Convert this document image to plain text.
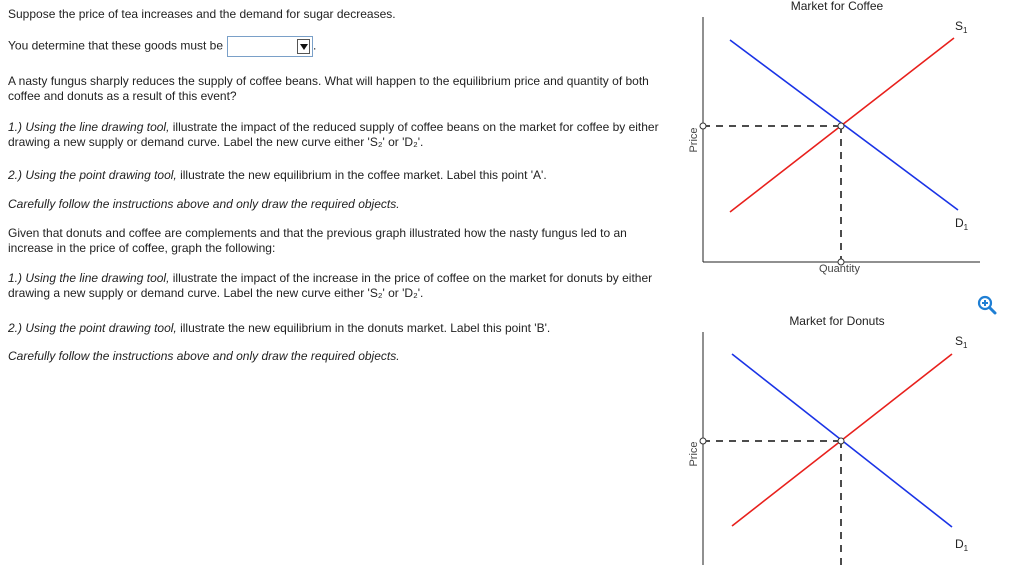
Suppose the price of tea increases and the demand for sugar decreases.
You determine that these goods must be	.
A nasty fungus sharply reduces the supply of coffee beans. What will happen to the equilibrium price and quantity of both coffee and donuts as a result of this event?
1.) Using the line drawing tool, illustrate the impact of the reduced supply of coffee beans on the market for coffee by either drawing a new supply or demand curve. Label the new curve either 'S₂' or 'D₂'.
2.) Using the point drawing tool, illustrate the new equilibrium in the coffee market. Label this point 'A'.
Carefully follow the instructions above and only draw the required objects.
Given that donuts and coffee are complements and that the previous graph illustrated how the nasty fungus led to an increase in the price of coffee, graph the following:
1.) Using the line drawing tool, illustrate the impact of the increase in the price of coffee on the market for donuts by either drawing a new supply or demand curve. Label the new curve either 'S₂' or 'D₂'.
2.) Using the point drawing tool, illustrate the new equilibrium in the donuts market. Label this point 'B'.
Carefully follow the instructions above and only draw the required objects.
Market for Coffee
Price
Quantity
$S_1$
$D_1$
Market for Donuts
Price
$S_1$
$D_1$
